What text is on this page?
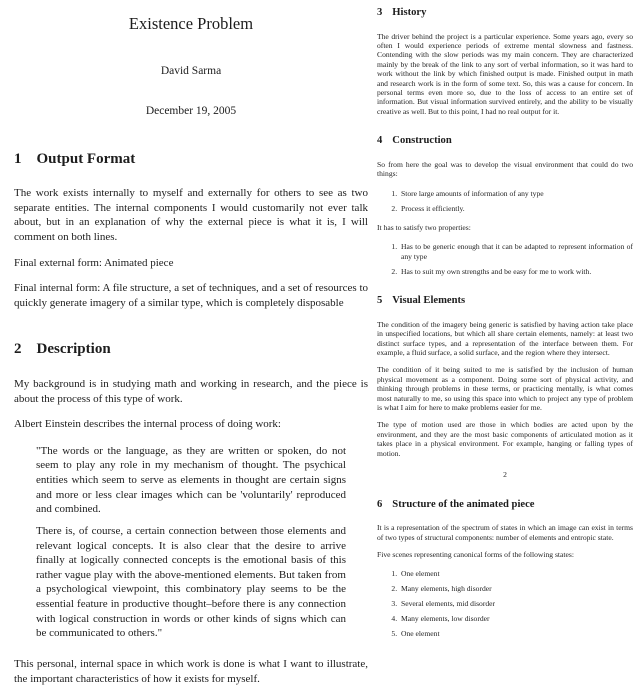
Existence Problem
David Sarma
December 19, 2005
1 Output Format

The work exists internally to myself and externally for others to see as two separate entities. The internal components I would customarily not ever talk about, but in an explanation of why the external piece is what it is, I will comment on both lines.

Final external form: Animated piece

Final internal form: A file structure, a set of techniques, and a set of resources to quickly generate imagery of a similar type, which is completely disposable

2 Description

My background is in studying math and working in research, and the piece is about the process of this type of work.

Albert Einstein describes the internal process of doing work:

"The words or the language, as they are written or spoken, do not seem to play any role in my mechanism of thought. The psychical entities which seem to serve as elements in thought are certain signs and more or less clear images which can be 'voluntarily' reproduced and combined.

There is, of course, a certain connection between those elements and relevant logical concepts. It is also clear that the desire to arrive finally at logically connected concepts is the emotional basis of this rather vague play with the above-mentioned elements. But taken from a psychological viewpoint, this combinatory play seems to be the essential feature in productive thought–before there is any connection with logical construction in words or other kinds of signs which can be communicated to others."

This personal, internal space in which work is done is what I want to illustrate, the important characteristics of how it exists for myself.

3 History

The driver behind the project is a particular experience. Some years ago, every so often I would experience periods of extreme mental slowness and fastness. Contending with the slow periods was my main concern. They are characterized mainly by the break of the link to any sort of verbal information, so it was hard to work without the link by which finished output is made. Finished output in math and research work is in the form of some text. So, this was a cause for concern. In personal terms even more so, due to the loss of access to an entire set of information. But visual information survived entirely, and the ability to be visually creative as well. But to this point, I had no real output for it.

4 Construction

So from here the goal was to develop the visual environment that could do two things:

1. Store large amounts of information of any type
2. Process it efficiently.

It has to satisfy two properties:

1. Has to be generic enough that it can be adapted to represent information of any type
2. Has to suit my own strengths and be easy for me to work with.
5 Visual Elements

The condition of the imagery being generic is satisfied by having action take place in unspecified locations, but which all share certain elements, namely: at least two distinct surface types, and a representation of the interface between them. For example, a fluid surface, a solid surface, and the region where they intersect.

The condition of it being suited to me is satisfied by the inclusion of human physical movement as a component. Doing some sort of physical activity, and thinking through problems in these terms, or practicing mentally, is what comes most naturally to me, so using this space into which to project any type of problem is what I aim for here to make problems easier for me.

The type of motion used are those in which bodies are acted upon by the environment, and they are the most basic components of articulated motion as it takes place in a physical environment. For example, hanging or falling types of motion.

2
6 Structure of the animated piece

It is a representation of the spectrum of states in which an image can exist in terms of two types of structural components: number of elements and entropic state.

Five scenes representing canonical forms of the following states:

1. One element
2. Many elements, high disorder
3. Several elements, mid disorder
4. Many elements, low disorder
5. One element
